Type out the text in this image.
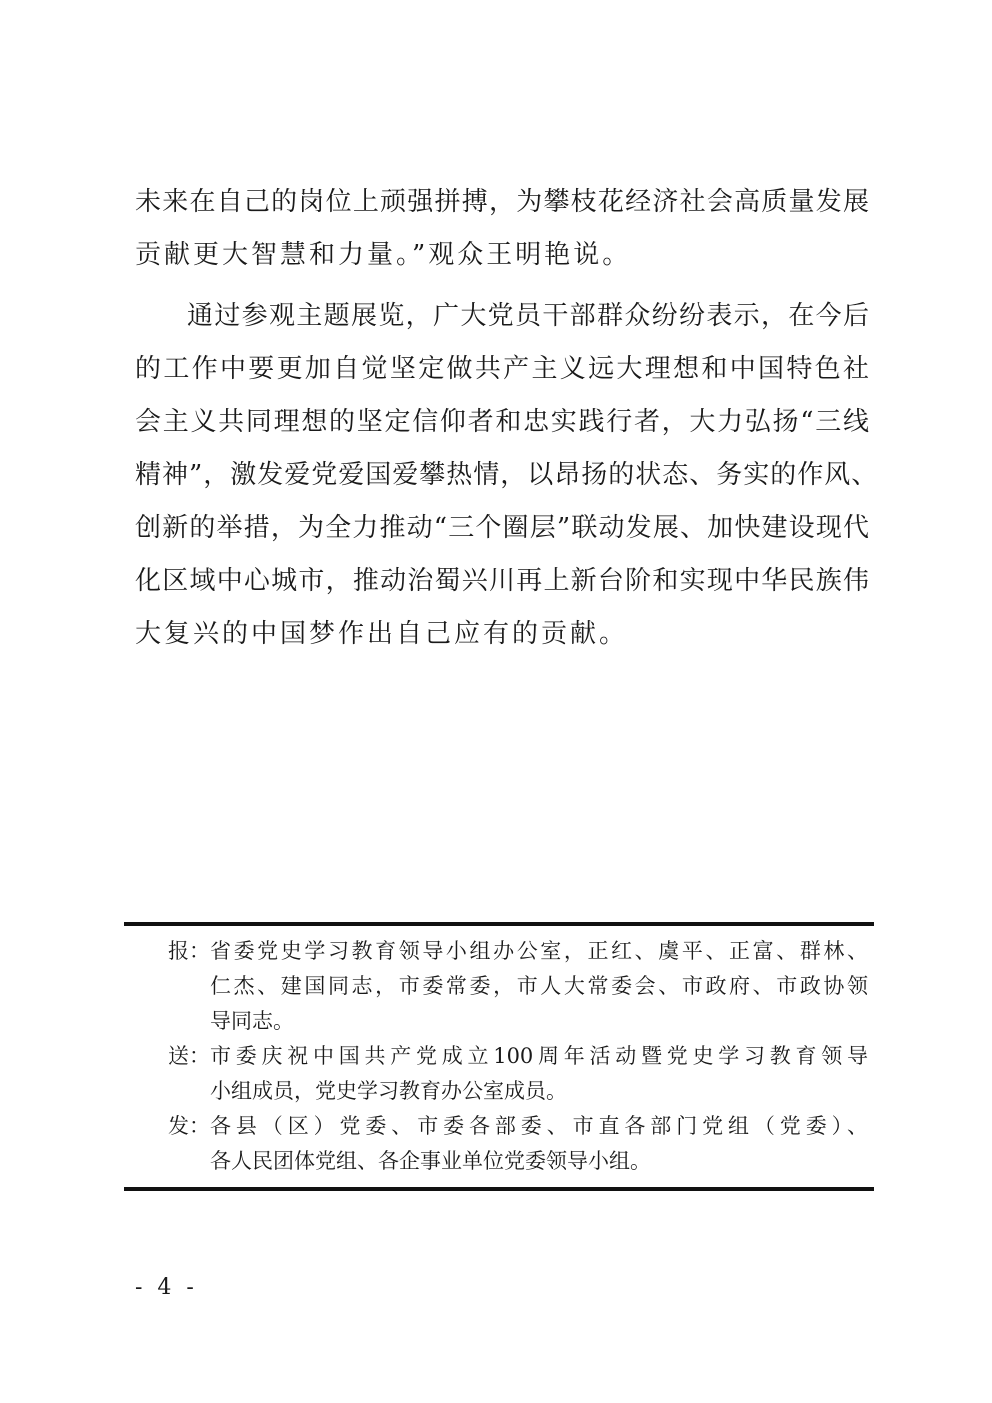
未来在自己的岗位上顽强拼搏，为攀枝花经济社会高质量发展
贡献更大智慧和力量。”观众王明艳说。
通过参观主题展览，广大党员干部群众纷纷表示，在今后
的工作中要更加自觉坚定做共产主义远大理想和中国特色社
会主义共同理想的坚定信仰者和忠实践行者，大力弘扬“三线
精神”，激发爱党爱国爱攀热情，以昂扬的状态、务实的作风、
创新的举措，为全力推动“三个圈层”联动发展、加快建设现代
化区域中心城市，推动治蜀兴川再上新台阶和实现中华民族伟
大复兴的中国梦作出自己应有的贡献。
报： 省委党史学习教育领导小组办公室，正红、虞平、正富、群林、
仁杰、建国同志，市委常委，市人大常委会、市政府、市政协领
导同志。
送： 市委庆祝中国共产党成立100周年活动暨党史学习教育领导
小组成员，党史学习教育办公室成员。
发： 各县（区）党委、市委各部委、市直各部门党组（党委）、
各人民团体党组、各企事业单位党委领导小组。
- 4 -
